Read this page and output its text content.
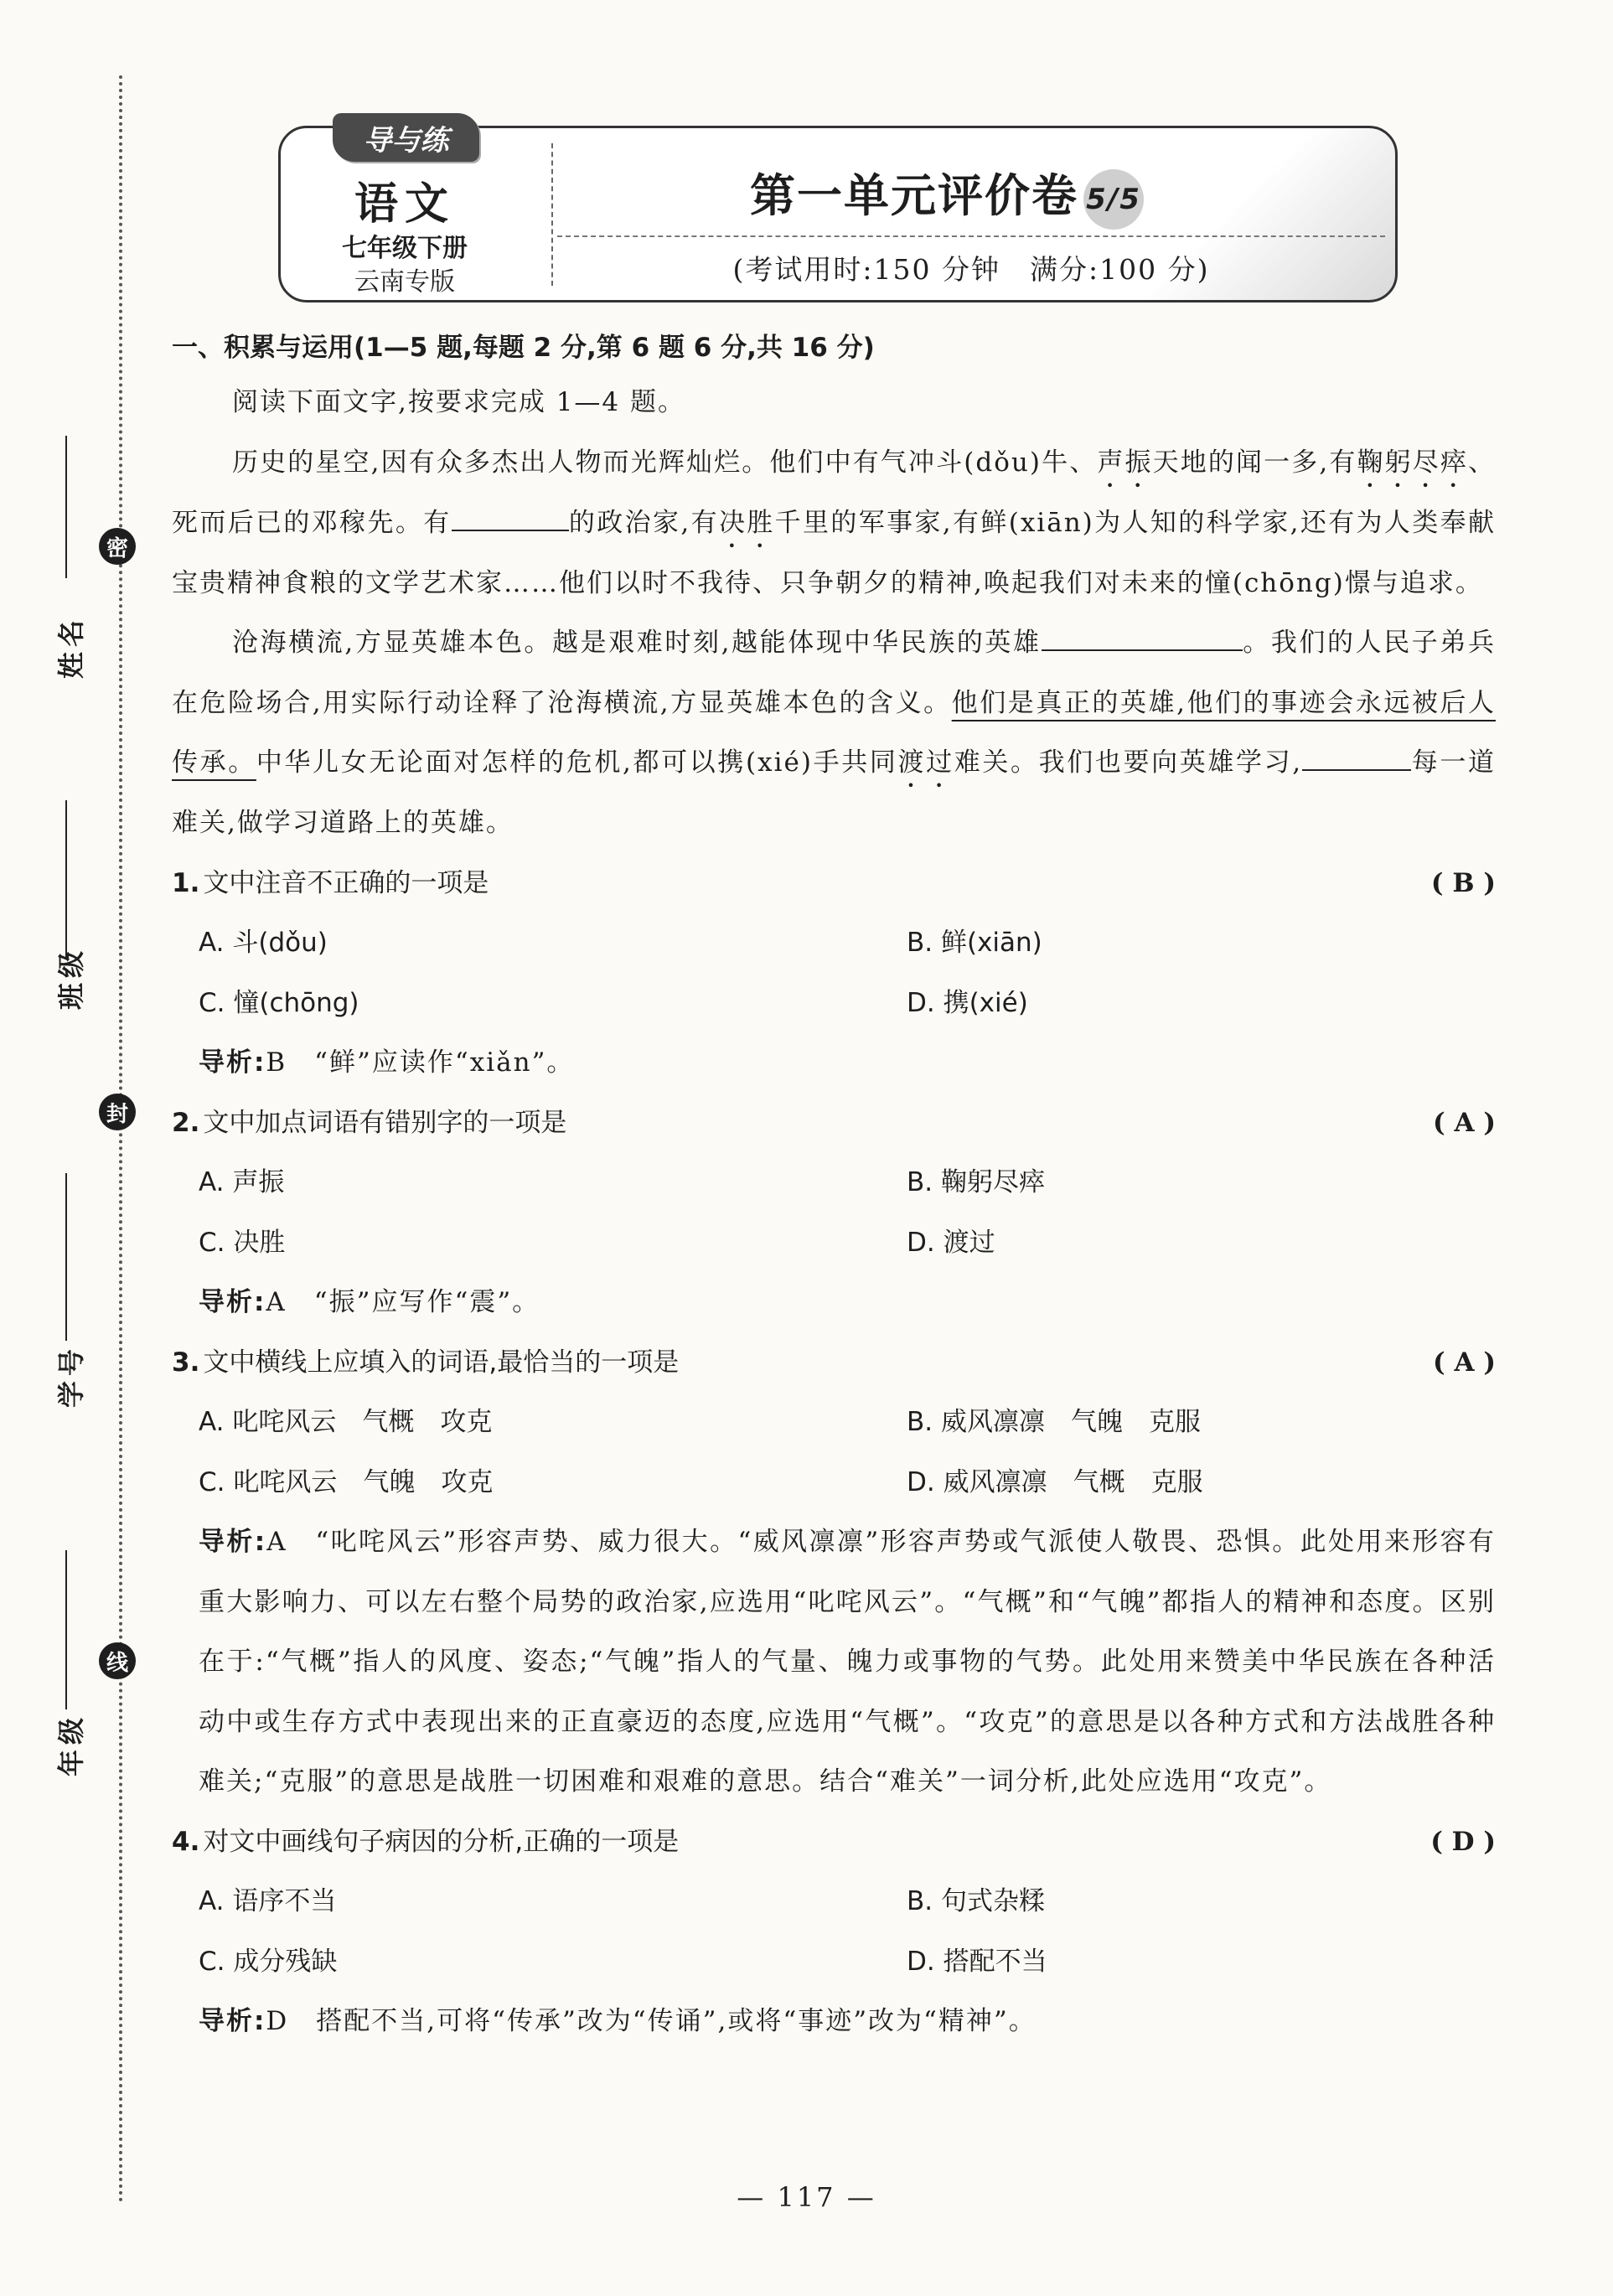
密
封
线
姓名
班级
学号
年级
导与练
语文
七年级下册
云南专版
第一单元评价卷 5/5
(考试用时:150 分钟　满分:100 分)
一、积累与运用(1—5 题,每题 2 分,第 6 题 6 分,共 16 分)
阅读下面文字,按要求完成 1—4 题。
历史的星空,因有众多杰出人物而光辉灿烂。他们中有气冲斗(dǒu)牛、声振天地的闻一多,有鞠躬尽瘁、死而后已的邓稼先。有	的政治家,有决胜千里的军事家,有鲜(xiān)为人知的科学家,还有为人类奉献宝贵精神食粮的文学艺术家……他们以时不我待、只争朝夕的精神,唤起我们对未来的憧(chōng)憬与追求。
沧海横流,方显英雄本色。越是艰难时刻,越能体现中华民族的英雄	。我们的人民子弟兵在危险场合,用实际行动诠释了沧海横流,方显英雄本色的含义。他们是真正的英雄,他们的事迹会永远被后人传承。中华儿女无论面对怎样的危机,都可以携(xié)手共同渡过难关。我们也要向英雄学习,	每一道难关,做学习道路上的英雄。
1. 文中注音不正确的一项是	( B )
A. 斗(dǒu)	B. 鲜(xiān)
C. 憧(chōng)	D. 携(xié)
导析:B　“鲜”应读作“xiǎn”。
2. 文中加点词语有错别字的一项是	( A )
A. 声振	B. 鞠躬尽瘁
C. 决胜	D. 渡过
导析:A　“振”应写作“震”。
3. 文中横线上应填入的词语,最恰当的一项是	( A )
A. 叱咤风云　气概　攻克	B. 威风凛凛　气魄　克服
C. 叱咤风云　气魄　攻克	D. 威风凛凛　气概　克服
导析:A　“叱咤风云”形容声势、威力很大。“威风凛凛”形容声势或气派使人敬畏、恐惧。此处用来形容有重大影响力、可以左右整个局势的政治家,应选用“叱咤风云”。“气概”和“气魄”都指人的精神和态度。区别在于:“气概”指人的风度、姿态;“气魄”指人的气量、魄力或事物的气势。此处用来赞美中华民族在各种活动中或生存方式中表现出来的正直豪迈的态度,应选用“气概”。“攻克”的意思是以各种方式和方法战胜各种难关;“克服”的意思是战胜一切困难和艰难的意思。结合“难关”一词分析,此处应选用“攻克”。
4. 对文中画线句子病因的分析,正确的一项是	( D )
A. 语序不当	B. 句式杂糅
C. 成分残缺	D. 搭配不当
导析:D　搭配不当,可将“传承”改为“传诵”,或将“事迹”改为“精神”。
— 117 —
